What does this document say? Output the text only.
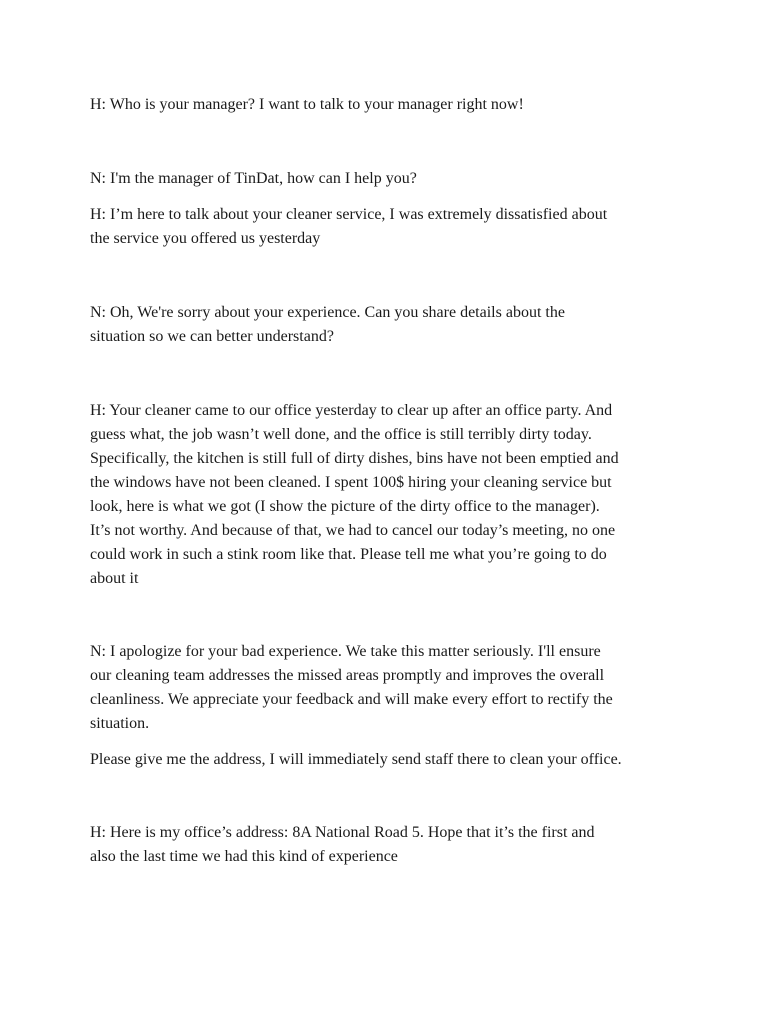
H: Who is your manager? I want to talk to your manager right now!

N: I'm the manager of TinDat, how can I help you?

H: I’m here to talk about your cleaner service, I was extremely dissatisfied about
the service you offered us yesterday

N: Oh, We're sorry about your experience. Can you share details about the
situation so we can better understand?

H: Your cleaner came to our office yesterday to clear up after an office party. And
guess what, the job wasn’t well done, and the office is still terribly dirty today.
Specifically, the kitchen is still full of dirty dishes, bins have not been emptied and
the windows have not been cleaned. I spent 100$ hiring your cleaning service but
look, here is what we got (I show the picture of the dirty office to the manager).
It’s not worthy. And because of that, we had to cancel our today’s meeting, no one
could work in such a stink room like that. Please tell me what you’re going to do
about it

N: I apologize for your bad experience. We take this matter seriously. I'll ensure
our cleaning team addresses the missed areas promptly and improves the overall
cleanliness. We appreciate your feedback and will make every effort to rectify the
situation.

Please give me the address, I will immediately send staff there to clean your office.

H: Here is my office’s address: 8A National Road 5. Hope that it’s the first and
also the last time we had this kind of experience
